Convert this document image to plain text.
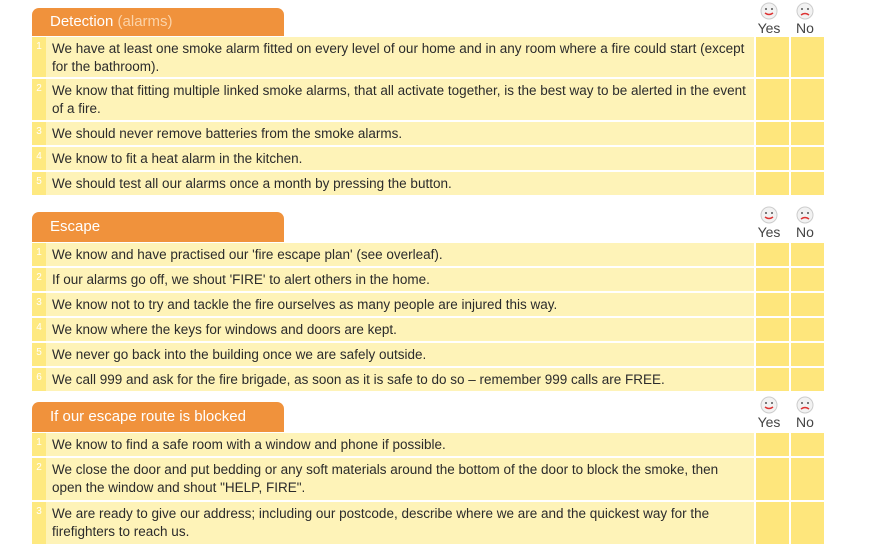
Detection (alarms)	Yes	No
1 We have at least one smoke alarm fitted on every level of our home and in any room where a fire could start (except for the bathroom).
2 We know that fitting multiple linked smoke alarms, that all activate together, is the best way to be alerted in the event of a fire.
3 We should never remove batteries from the smoke alarms.
4 We know to fit a heat alarm in the kitchen.
5 We should test all our alarms once a month by pressing the button.
Escape	Yes	No
1 We know and have practised our 'fire escape plan' (see overleaf).
2 If our alarms go off, we shout 'FIRE' to alert others in the home.
3 We know not to try and tackle the fire ourselves as many people are injured this way.
4 We know where the keys for windows and doors are kept.
5 We never go back into the building once we are safely outside.
6 We call 999 and ask for the fire brigade, as soon as it is safe to do so – remember 999 calls are FREE.
If our escape route is blocked	Yes	No
1 We know to find a safe room with a window and phone if possible.
2 We close the door and put bedding or any soft materials around the bottom of the door to block the smoke, then open the window and shout "HELP, FIRE".
3 We are ready to give our address; including our postcode, describe where we are and the quickest way for the firefighters to reach us.
